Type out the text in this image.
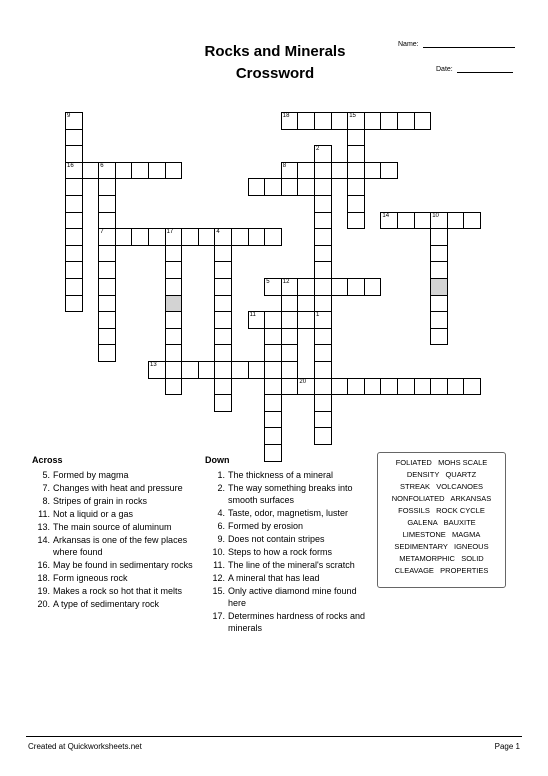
Rocks and Minerals
Crossword
Name:
Date:
9	18	15
16
2
6
7
8
14	10
17	4
5 12
11	1
13
20
Across	Down
5. Formed by magma
7. Changes with heat and pressure
8. Stripes of grain in rocks
11. Not a liquid or a gas
13. The main source of aluminum
14. Arkansas is one of the few places where found
16. May be found in sedimentary rocks
18. Form igneous rock
19. Makes a rock so hot that it melts
20. A type of sedimentary rock
1. The thickness of a mineral
2. The way something breaks into smooth surfaces
4. Taste, odor, magnetism, luster
6. Formed by erosion
9. Does not contain stripes
10. Steps to how a rock forms
11. The line of the mineral's scratch
12. A mineral that has lead
15. Only active diamond mine found here
17. Determines hardness of rocks and minerals
FOLIATED   MOHS SCALE
DENSITY   QUARTZ
STREAK   VOLCANOES
NONFOLIATED   ARKANSAS
FOSSILS   ROCK CYCLE
GALENA   BAUXITE
LIMESTONE   MAGMA
SEDIMENTARY   IGNEOUS
METAMORPHIC   SOLID
CLEAVAGE   PROPERTIES
Created at Quickworksheets.net	Page 1
